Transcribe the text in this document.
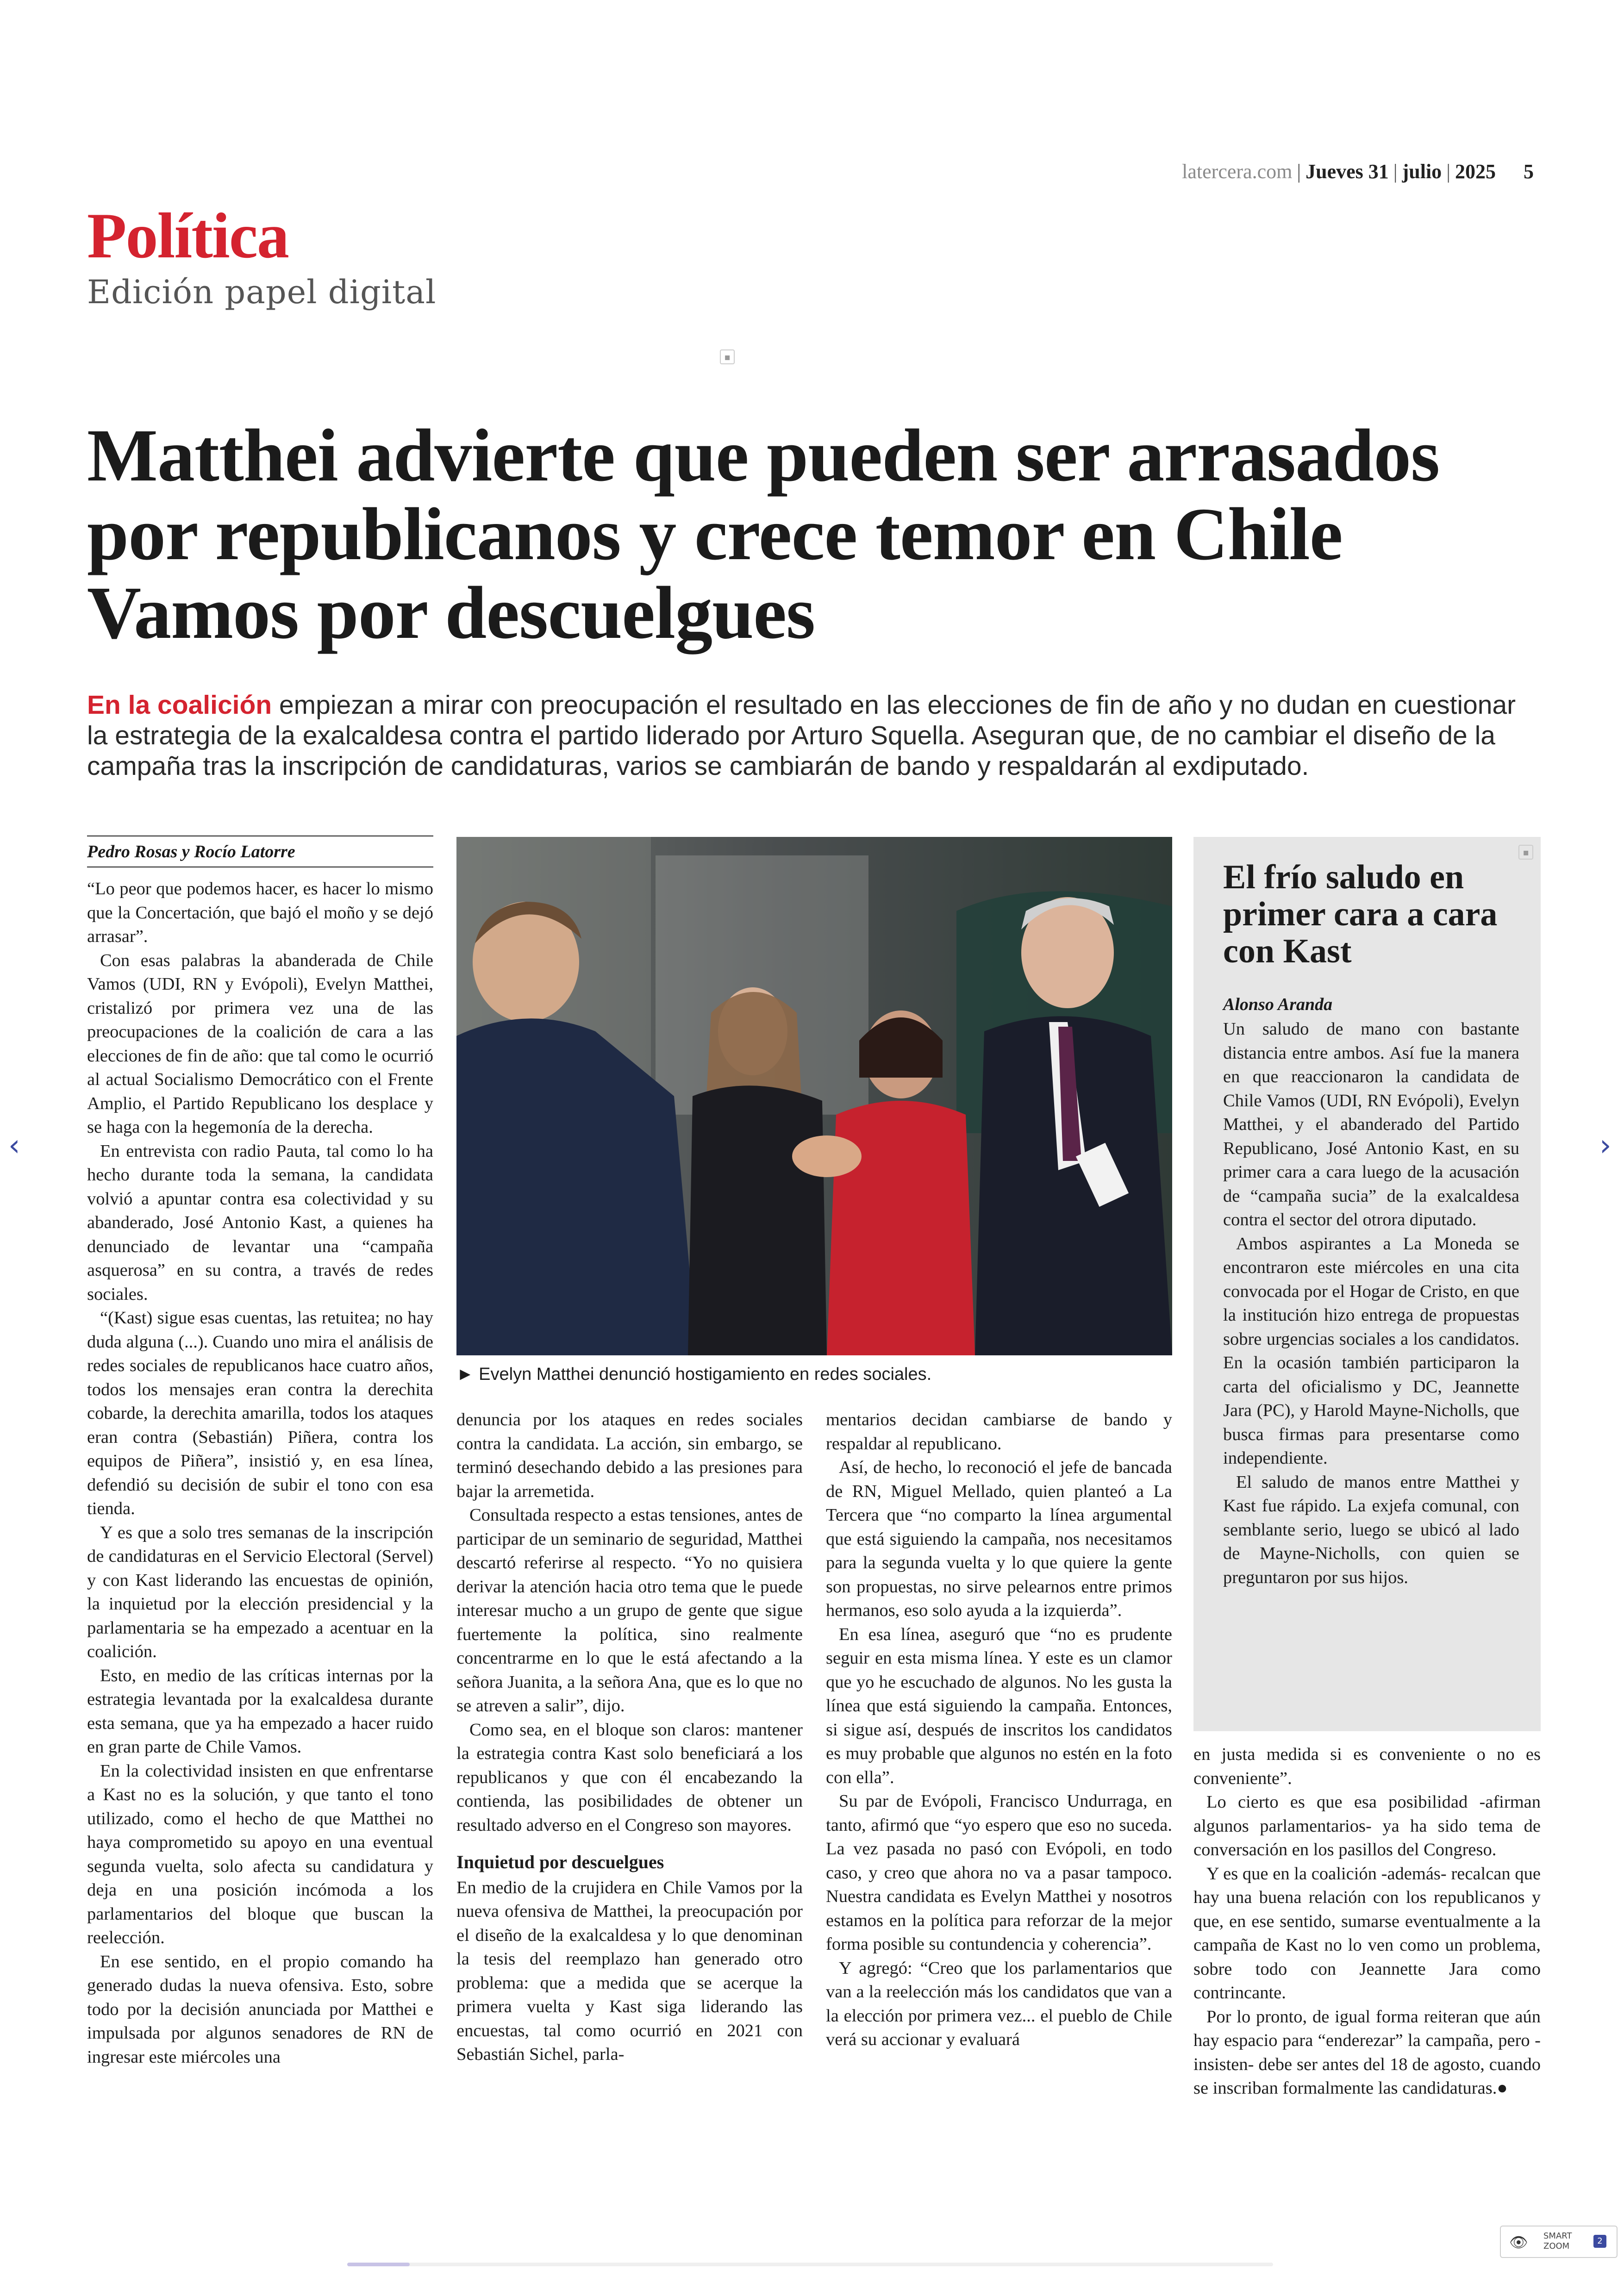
latercera.com | Jueves 31 | julio | 2025 5
Política
Edición papel digital
▪
Matthei advierte que pueden ser arrasados por republicanos y crece temor en Chile Vamos por descuelgues
En la coalición empiezan a mirar con preocupación el resultado en las elecciones de fin de año y no dudan en cuestionar la estrategia de la exalcaldesa contra el partido liderado por Arturo Squella. Aseguran que, de no cambiar el diseño de la campaña tras la inscripción de candidaturas, varios se cambiarán de bando y respaldarán al exdiputado.
Pedro Rosas y Rocío Latorre

“Lo peor que podemos hacer, es hacer lo mismo que la Concertación, que bajó el moño y se dejó arrasar”.

Con esas palabras la abanderada de Chile Vamos (UDI, RN y Evópoli), Evelyn Matthei, cristalizó por primera vez una de las preocupaciones de la coalición de cara a las elecciones de fin de año: que tal como le ocurrió al actual Socialismo Democrático con el Frente Amplio, el Partido Republicano los desplace y se haga con la hegemonía de la derecha.

En entrevista con radio Pauta, tal como lo ha hecho durante toda la semana, la candidata volvió a apuntar contra esa colectividad y su abanderado, José Antonio Kast, a quienes ha denunciado de levantar una “campaña asquerosa” en su contra, a través de redes sociales.

“(Kast) sigue esas cuentas, las retuitea; no hay duda alguna (...). Cuando uno mira el análisis de redes sociales de republicanos hace cuatro años, todos los mensajes eran contra la derechita cobarde, la derechita amarilla, todos los ataques eran contra (Sebastián) Piñera, contra los equipos de Piñera”, insistió y, en esa línea, defendió su decisión de subir el tono con esa tienda.

Y es que a solo tres semanas de la inscripción de candidaturas en el Servicio Electoral (Servel) y con Kast liderando las encuestas de opinión, la inquietud por la elección presidencial y la parlamentaria se ha empezado a acentuar en la coalición.

Esto, en medio de las críticas internas por la estrategia levantada por la exalcaldesa durante esta semana, que ya ha empezado a hacer ruido en gran parte de Chile Vamos.

En la colectividad insisten en que enfrentarse a Kast no es la solución, y que tanto el tono utilizado, como el hecho de que Matthei no haya comprometido su apoyo en una eventual segunda vuelta, solo afecta su candidatura y deja en una posición incómoda a los parlamentarios del bloque que buscan la reelección.

En ese sentido, en el propio comando ha generado dudas la nueva ofensiva. Esto, sobre todo por la decisión anunciada por Matthei e impulsada por algunos senadores de RN de ingresar este miércoles una

► Evelyn Matthei denunció hostigamiento en redes sociales.

denuncia por los ataques en redes sociales contra la candidata. La acción, sin embargo, se terminó desechando debido a las presiones para bajar la arremetida.

Consultada respecto a estas tensiones, antes de participar de un seminario de seguridad, Matthei descartó referirse al respecto. “Yo no quisiera derivar la atención hacia otro tema que le puede interesar mucho a un grupo de gente que sigue fuertemente la política, sino realmente concentrarme en lo que le está afectando a la señora Juanita, a la señora Ana, que es lo que no se atreven a salir”, dijo.

Como sea, en el bloque son claros: mantener la estrategia contra Kast solo beneficiará a los republicanos y que con él encabezando la contienda, las posibilidades de obtener un resultado adverso en el Congreso son mayores.

Inquietud por descuelgues

En medio de la crujidera en Chile Vamos por la nueva ofensiva de Matthei, la preocupación por el diseño de la exalcaldesa y lo que denominan la tesis del reemplazo han generado otro problema: que a medida que se acerque la primera vuelta y Kast siga liderando las encuestas, tal como ocurrió en 2021 con Sebastián Sichel, parla-

mentarios decidan cambiarse de bando y respaldar al republicano.

Así, de hecho, lo reconoció el jefe de bancada de RN, Miguel Mellado, quien planteó a La Tercera que “no comparto la línea argumental que está siguiendo la campaña, nos necesitamos para la segunda vuelta y lo que quiere la gente son propuestas, no sirve pelearnos entre primos hermanos, eso solo ayuda a la izquierda”.

En esa línea, aseguró que “no es prudente seguir en esta misma línea. Y este es un clamor que yo he escuchado de algunos. No les gusta la línea que está siguiendo la campaña. Entonces, si sigue así, después de inscritos los candidatos es muy probable que algunos no estén en la foto con ella”.

Su par de Evópoli, Francisco Undurraga, en tanto, afirmó que “yo espero que eso no suceda. La vez pasada no pasó con Evópoli, en todo caso, y creo que ahora no va a pasar tampoco. Nuestra candidata es Evelyn Matthei y nosotros estamos en la política para reforzar de la mejor forma posible su contundencia y coherencia”.

Y agregó: “Creo que los parlamentarios que van a la reelección más los candidatos que van a la elección por primera vez... el pueblo de Chile verá su accionar y evaluará

▪
El frío saludo en primer cara a cara con Kast
Alonso Aranda

Un saludo de mano con bastante distancia entre ambos. Así fue la manera en que reaccionaron la candidata de Chile Vamos (UDI, RN Evópoli), Evelyn Matthei, y el abanderado del Partido Republicano, José Antonio Kast, en su primer cara a cara luego de la acusación de “campaña sucia” de la exalcaldesa contra el sector del otrora diputado.

Ambos aspirantes a La Moneda se encontraron este miércoles en una cita convocada por el Hogar de Cristo, en que la institución hizo entrega de propuestas sobre urgencias sociales a los candidatos. En la ocasión también participaron la carta del oficialismo y DC, Jeannette Jara (PC), y Harold Mayne-Nicholls, que busca firmas para presentarse como independiente.

El saludo de manos entre Matthei y Kast fue rápido. La exjefa comunal, con semblante serio, luego se ubicó al lado de Mayne-Nicholls, con quien se preguntaron por sus hijos.

en justa medida si es conveniente o no es conveniente”.

Lo cierto es que esa posibilidad -afirman algunos parlamentarios- ya ha sido tema de conversación en los pasillos del Congreso.

Y es que en la coalición -además- recalcan que hay una buena relación con los republicanos y que, en ese sentido, sumarse eventualmente a la campaña de Kast no lo ven como un problema, sobre todo con Jeannette Jara como contrincante.

Por lo pronto, de igual forma reiteran que aún hay espacio para “enderezar” la campaña, pero -insisten- debe ser antes del 18 de agosto, cuando se inscriban formalmente las candidaturas.●

‹	›
👁 SMART
ZOOM
2
